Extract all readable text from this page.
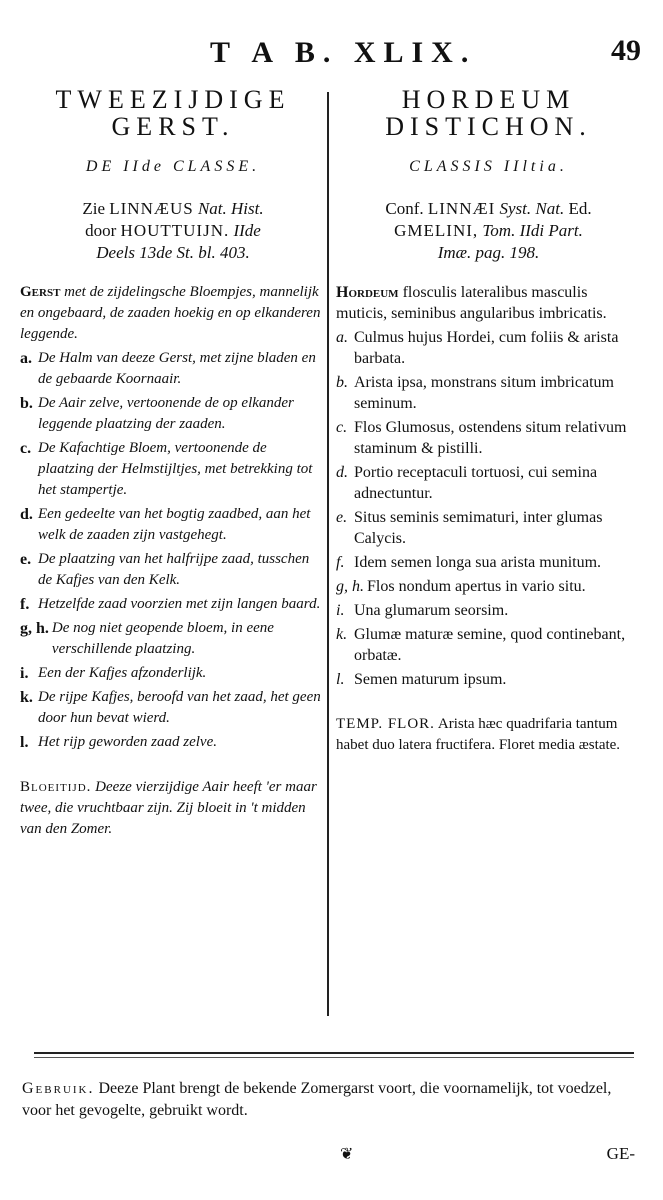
T A B. XLIX.	49
TWEEZIJDIGE
GERST.
DE IIde CLASSE.
Zie LINNÆUS Nat. Hist.
door HOUTTUIJN. IIde
Deels 13de St. bl. 403.
Gerst met de zijdelingsche Bloempjes, mannelijk en ongebaard, de zaaden hoekig en op elkanderen leggende.
a. De Halm van deeze Gerst, met zijne bladen en de gebaarde Koornaair.
b. De Aair zelve, vertoonende de op elkander leggende plaatzing der zaaden.
c. De Kafachtige Bloem, vertoonende de plaatzing der Helmstijltjes, met betrekking tot het stampertje.
d. Een gedeelte van het bogtig zaadbed, aan het welk de zaaden zijn vastgehegt.
e. De plaatzing van het halfrijpe zaad, tusschen de Kafjes van den Kelk.
f. Hetzelfde zaad voorzien met zijn langen baard.
g, h. De nog niet geopende bloem, in eene verschillende plaatzing.
i. Een der Kafjes afzonderlijk.
k. De rijpe Kafjes, beroofd van het zaad, het geen door hun bevat wierd.
l. Het rijp geworden zaad zelve.
Bloeitijd. Deeze vierzijdige Aair heeft 'er maar twee, die vruchtbaar zijn. Zij bloeit in 't midden van den Zomer.
HORDEUM
DISTICHON.
CLASSIS IIltia.
Conf. LINNÆI Syst. Nat. Ed.
GMELINI, Tom. IIdi Part.
Imæ. pag. 198.
Hordeum flosculis lateralibus masculis muticis, seminibus angularibus imbricatis.
a. Culmus hujus Hordei, cum foliis & arista barbata.
b. Arista ipsa, monstrans situm imbricatum seminum.
c. Flos Glumosus, ostendens situm relativum staminum & pistilli.
d. Portio receptaculi tortuosi, cui semina adnectuntur.
e. Situs seminis semimaturi, inter glumas Calycis.
f. Idem semen longa sua arista munitum.
g, h. Flos nondum apertus in vario situ.
i. Una glumarum seorsim.
k. Glumæ maturæ semine, quod continebant, orbatæ.
l. Semen maturum ipsum.
TEMP. FLOR. Arista hæc quadrifaria tantum habet duo latera fructifera. Floret media æstate.
Gebruik. Deeze Plant brengt de bekende Zomergarst voort, die voornamelijk, tot voedzel, voor het gevogelte, gebruikt wordt.
❦	GE-
